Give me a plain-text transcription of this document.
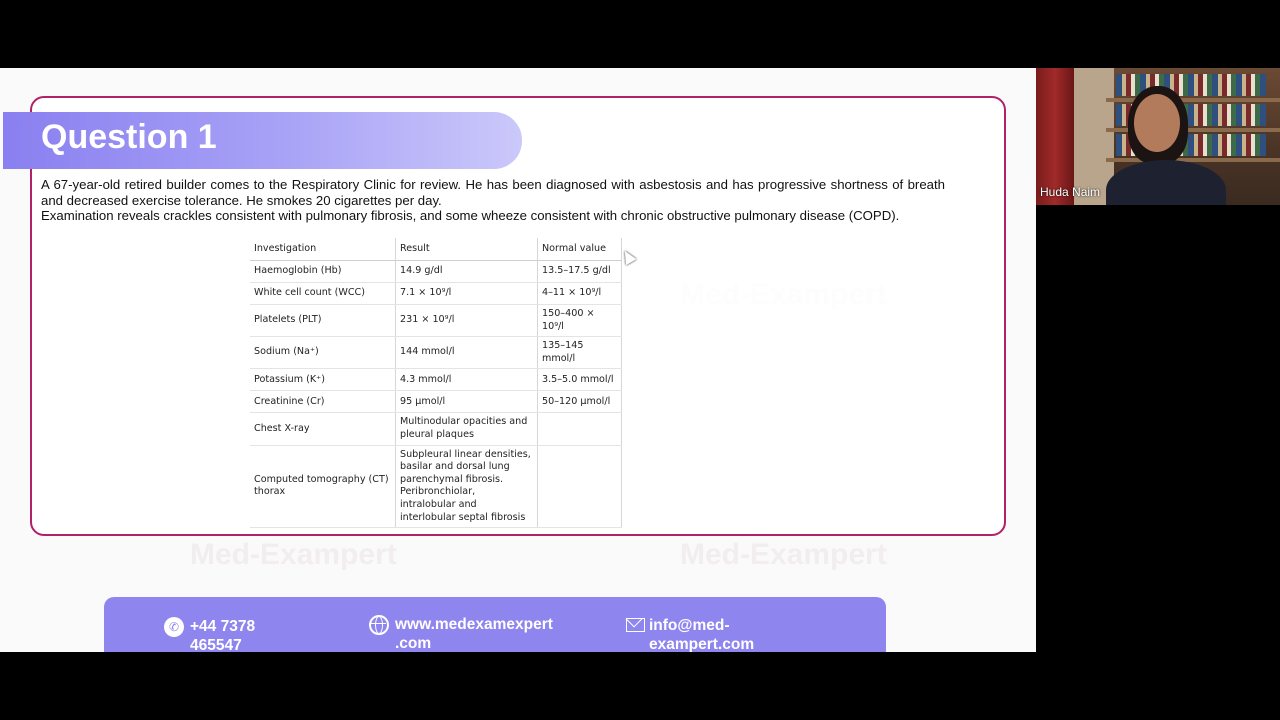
Med-Exampert	Med-Exampert
Question 1

A 67-year-old retired builder comes to the Respiratory Clinic for review. He has been diagnosed with asbestosis and has progressive shortness of breath and decreased exercise tolerance. He smokes 20 cigarettes per day.

Examination reveals crackles consistent with pulmonary fibrosis, and some wheeze consistent with chronic obstructive pulmonary disease (COPD).

Investigation	Result	Normal value
Haemoglobin (Hb)	14.9 g/dl	13.5–17.5 g/dl
White cell count (WCC)	7.1 × 10⁹/l	4–11 × 10⁹/l
Platelets (PLT)	231 × 10⁹/l	150–400 × 10⁹/l
Sodium (Na⁺)	144 mmol/l	135–145 mmol/l
Potassium (K⁺)	4.3 mmol/l	3.5–5.0 mmol/l
Creatinine (Cr)	95 μmol/l	50–120 μmol/l
Chest X-ray	Multinodular opacities and pleural plaques	
Computed tomography (CT) thorax	Subpleural linear densities, basilar and dorsal lung parenchymal fibrosis. Peribronchiolar, intralobular and interlobular septal fibrosis	
✆ +44 7378 465547
www.medexamexpert .com
info@med- exampert.com
Huda Naim
